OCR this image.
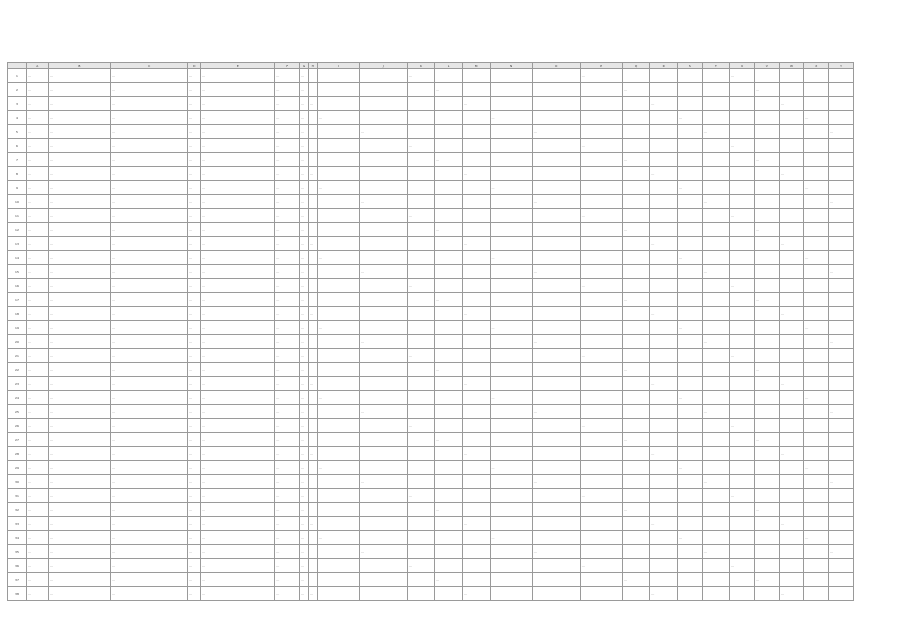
	A	B	C	D	E	F	G	H	I	J	K	L	M	N	O	P	Q	R	S	T	U	V	W	X	Y
1	…	…	…	…	…	…	…				…					…					…				
2	…	…	…	…	…	…	…					…					…					…			
3	…	…	…	…	…	…	…	…					…					…					…		
4	…	…	…	…	…	…	…		…					…					…					…	
5	…	…	…	…	…	…	…			…					…					…					…
6	…	…	…	…	…	…	…				…					…					…				
7	…	…	…	…	…	…	…					…					…					…			
8	…	…	…	…	…	…	…	…					…					…					…		
9	…	…	…	…	…	…	…		…					…					…					…	
10	…	…	…	…	…	…	…			…					…					…					…
11	…	…	…	…	…	…	…				…					…					…				
12	…	…	…	…	…	…	…					…					…					…			
13	…	…	…	…	…	…	…	…					…					…					…		
14	…	…	…	…	…	…	…		…					…					…					…	
15	…	…	…	…	…	…	…			…					…					…					…
16	…	…	…	…	…	…	…				…					…					…				
17	…	…	…	…	…	…	…					…					…					…			
18	…	…	…	…	…	…	…	…					…					…					…		
19	…	…	…	…	…	…	…		…					…					…					…	
20	…	…	…	…	…	…	…			…					…					…					…
21	…	…	…	…	…	…	…				…					…					…				
22	…	…	…	…	…	…	…					…					…					…			
23	…	…	…	…	…	…	…	…					…					…					…		
24	…	…	…	…	…	…	…		…					…					…					…	
25	…	…	…	…	…	…	…			…					…					…					…
26	…	…	…	…	…	…	…				…					…					…				
27	…	…	…	…	…	…	…					…					…					…			
28	…	…	…	…	…	…	…	…					…					…					…		
29	…	…	…	…	…	…	…		…					…					…					…	
30	…	…	…	…	…	…	…			…					…					…					…
31	…	…	…	…	…	…	…				…					…					…				
32	…	…	…	…	…	…	…					…					…					…			
33	…	…	…	…	…	…	…	…					…					…					…		
34	…	…	…	…	…	…	…		…					…					…					…	
35	…	…	…	…	…	…	…			…					…					…					…
36	…	…	…	…	…	…	…				…					…					…				
37	…	…	…	…	…	…	…					…					…					…			
38	…	…	…	…	…	…	…	…					…					…					…		
